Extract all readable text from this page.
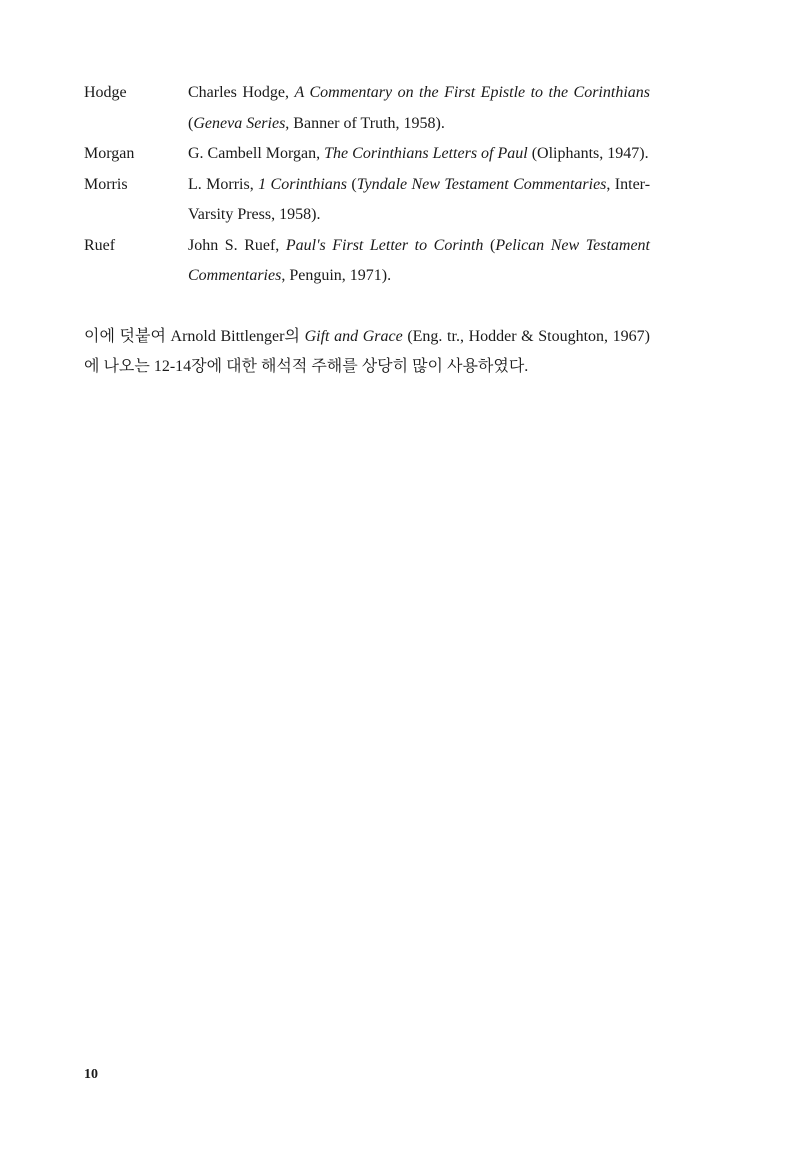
Hodge	Charles Hodge, A Commentary on the First Epistle to the Corinthians (Geneva Series, Banner of Truth, 1958).
Morgan	G. Cambell Morgan, The Corinthians Letters of Paul (Oliphants, 1947).
Morris	L. Morris, 1 Corinthians (Tyndale New Testament Commentaries, Inter-Varsity Press, 1958).
Ruef	John S. Ruef, Paul's First Letter to Corinth (Pelican New Testament Commentaries, Penguin, 1971).

이에 덧붙여 Arnold Bittlenger의 Gift and Grace (Eng. tr., Hodder & Stoughton, 1967)에 나오는 12-14장에 대한 해석적 주해를 상당히 많이 사용하였다.

10
